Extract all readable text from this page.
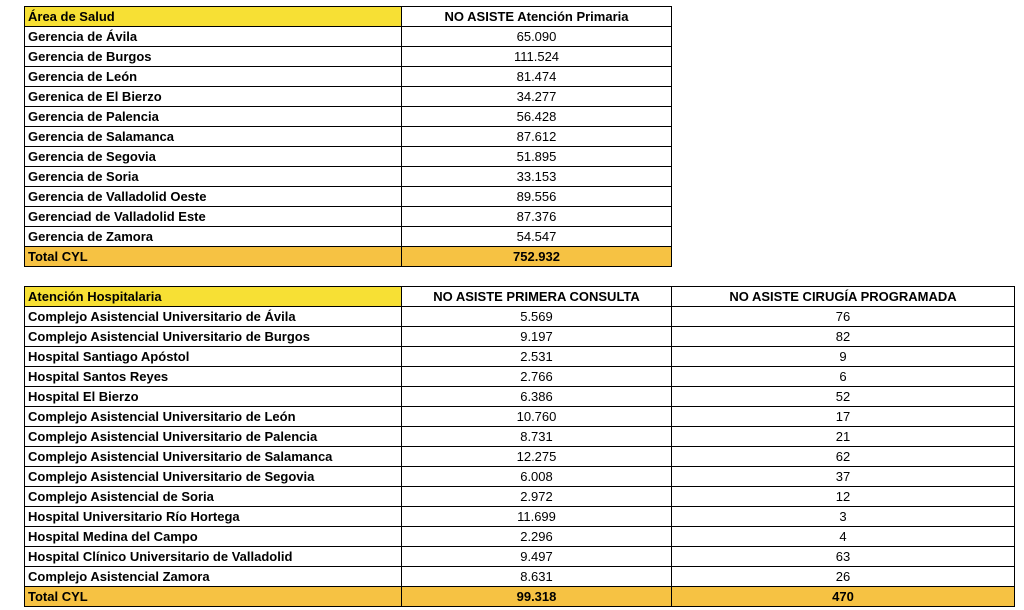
Área de Salud	NO ASISTE Atención Primaria
Gerencia de Ávila	65.090
Gerencia de Burgos	111.524
Gerencia de León	81.474
Gerenica de El Bierzo	34.277
Gerencia de Palencia	56.428
Gerencia de Salamanca	87.612
Gerencia de Segovia	51.895
Gerencia de Soria	33.153
Gerencia de Valladolid Oeste	89.556
Gerenciad de Valladolid Este	87.376
Gerencia de Zamora	54.547
Total CYL	752.932
Atención Hospitalaria	NO ASISTE PRIMERA CONSULTA	NO ASISTE CIRUGÍA PROGRAMADA
Complejo Asistencial Universitario de Ávila	5.569	76
Complejo Asistencial Universitario de Burgos	9.197	82
Hospital Santiago Apóstol	2.531	9
Hospital Santos Reyes	2.766	6
Hospital El Bierzo	6.386	52
Complejo Asistencial Universitario de León	10.760	17
Complejo Asistencial Universitario de Palencia	8.731	21
Complejo Asistencial Universitario de Salamanca	12.275	62
Complejo Asistencial Universitario de Segovia	6.008	37
Complejo Asistencial de Soria	2.972	12
Hospital Universitario Río Hortega	11.699	3
Hospital Medina del Campo	2.296	4
Hospital Clínico Universitario de Valladolid	9.497	63
Complejo Asistencial Zamora	8.631	26
Total CYL	99.318	470
